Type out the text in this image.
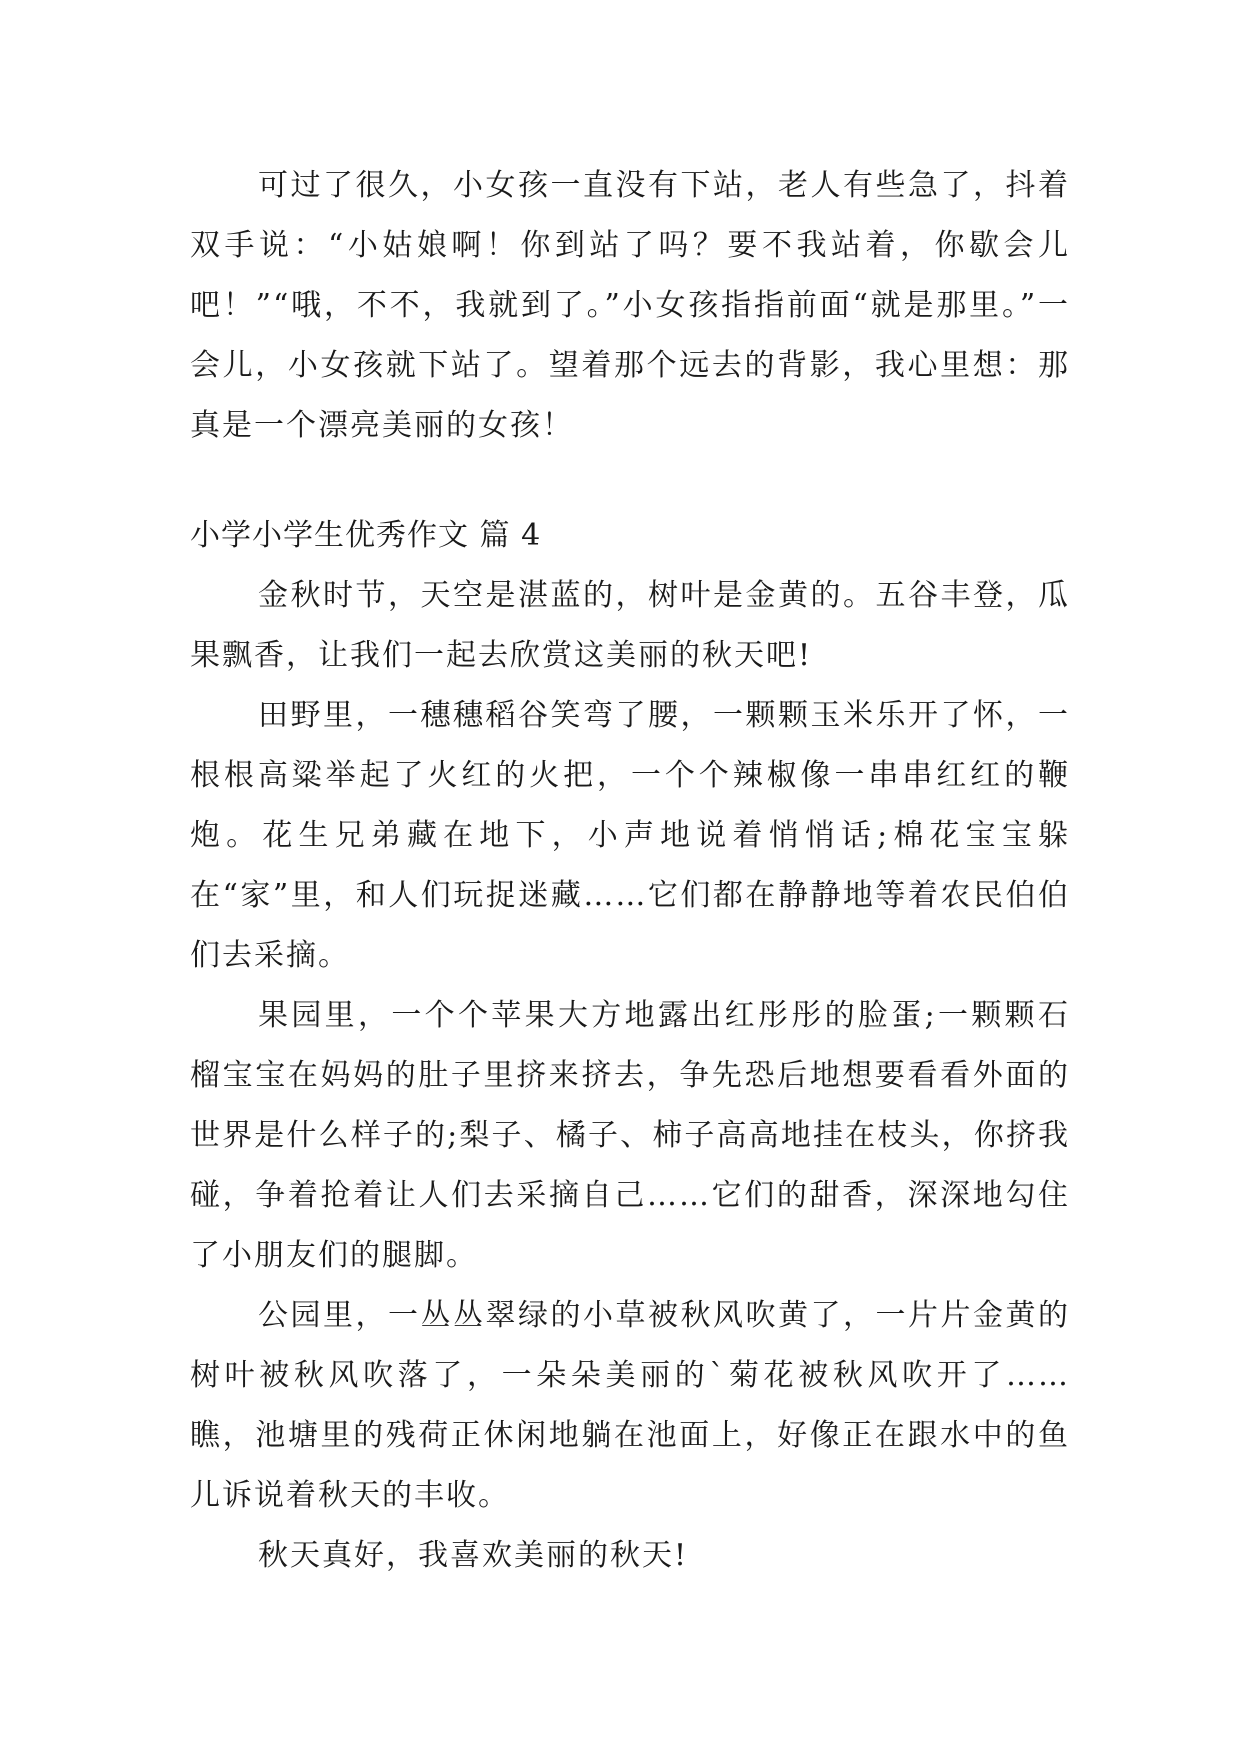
可过了很久，小女孩一直没有下站，老人有些急了，抖着双手说：“小姑娘啊！你到站了吗？要不我站着，你歇会儿吧！”“哦，不不，我就到了。”小女孩指指前面“就是那里。”一会儿，小女孩就下站了。望着那个远去的背影，我心里想：那真是一个漂亮美丽的女孩！

小学小学生优秀作文 篇 4

金秋时节，天空是湛蓝的，树叶是金黄的。五谷丰登，瓜果飘香，让我们一起去欣赏这美丽的秋天吧!

田野里，一穗穗稻谷笑弯了腰，一颗颗玉米乐开了怀，一根根高粱举起了火红的火把，一个个辣椒像一串串红红的鞭炮。花生兄弟藏在地下，小声地说着悄悄话;棉花宝宝躲在“家”里，和人们玩捉迷藏……它们都在静静地等着农民伯伯们去采摘。

果园里，一个个苹果大方地露出红彤彤的脸蛋;一颗颗石榴宝宝在妈妈的肚子里挤来挤去，争先恐后地想要看看外面的世界是什么样子的;梨子、橘子、柿子高高地挂在枝头，你挤我碰，争着抢着让人们去采摘自己……它们的甜香，深深地勾住了小朋友们的腿脚。

公园里，一丛丛翠绿的小草被秋风吹黄了，一片片金黄的树叶被秋风吹落了，一朵朵美丽的`菊花被秋风吹开了……瞧，池塘里的残荷正休闲地躺在池面上，好像正在跟水中的鱼儿诉说着秋天的丰收。

秋天真好，我喜欢美丽的秋天!
